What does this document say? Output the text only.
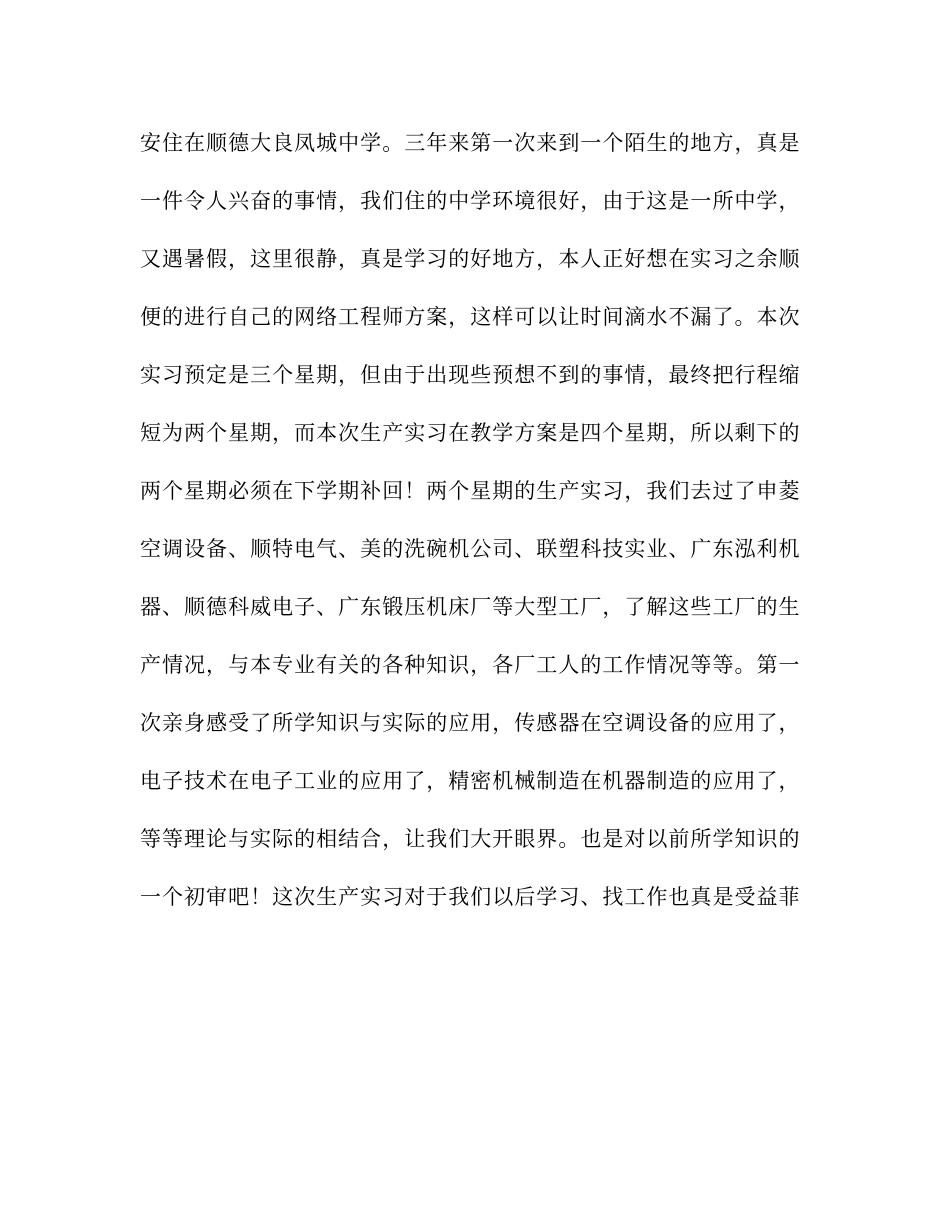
安住在顺德大良凤城中学。三年来第一次来到一个陌生的地方，真是
一件令人兴奋的事情，我们住的中学环境很好，由于这是一所中学，
又遇暑假，这里很静，真是学习的好地方，本人正好想在实习之余顺
便的进行自己的网络工程师方案，这样可以让时间滴水不漏了。本次
实习预定是三个星期，但由于出现些预想不到的事情，最终把行程缩
短为两个星期，而本次生产实习在教学方案是四个星期，所以剩下的
两个星期必须在下学期补回！两个星期的生产实习，我们去过了申菱
空调设备、顺特电气、美的洗碗机公司、联塑科技实业、广东泓利机
器、顺德科威电子、广东锻压机床厂等大型工厂，了解这些工厂的生
产情况，与本专业有关的各种知识，各厂工人的工作情况等等。第一
次亲身感受了所学知识与实际的应用，传感器在空调设备的应用了，
电子技术在电子工业的应用了，精密机械制造在机器制造的应用了，
等等理论与实际的相结合，让我们大开眼界。也是对以前所学知识的
一个初审吧！这次生产实习对于我们以后学习、找工作也真是受益菲
